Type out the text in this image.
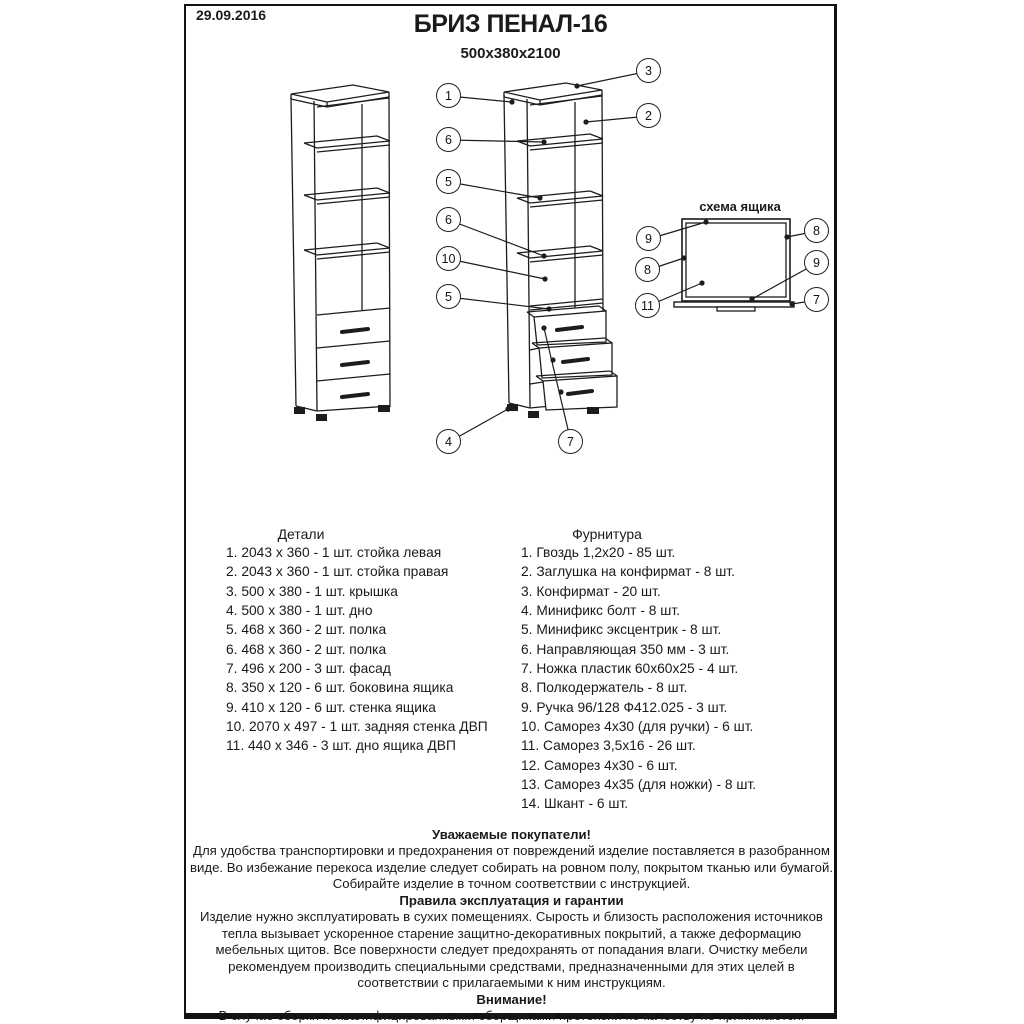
29.09.2016	БРИЗ ПЕНАЛ-16
500х380х2100
схема ящика
1
3
2
6
5
6
10
5
4	7
9
8
8	9
11	7
Детали
1. 2043 х 360 - 1 шт. стойка левая
2. 2043 х 360 - 1 шт. стойка правая
3. 500 х 380 - 1 шт. крышка
4. 500 х 380 - 1 шт. дно
5. 468 х 360 - 2 шт. полка
6. 468 х 360 - 2 шт. полка
7. 496 х 200 - 3 шт. фасад
8. 350 х 120 - 6 шт. боковина ящика
9. 410 х 120 - 6 шт. стенка ящика
10. 2070 х 497 - 1 шт. задняя стенка ДВП
11. 440 х 346 - 3 шт. дно ящика ДВП
Фурнитура
1. Гвоздь 1,2х20 - 85 шт.
2. Заглушка на конфирмат - 8 шт.
3. Конфирмат - 20 шт.
4. Минификс болт - 8 шт.
5. Минификс эксцентрик - 8 шт.
6. Направляющая 350 мм - 3 шт.
7. Ножка пластик 60х60х25 - 4 шт.
8. Полкодержатель - 8 шт.
9. Ручка 96/128 Ф412.025 - 3 шт.
10. Саморез 4х30 (для ручки) - 6 шт.
11. Саморез 3,5х16 - 26 шт.
12. Саморез 4х30 - 6 шт.
13. Саморез 4х35 (для ножки) - 8 шт.
14. Шкант - 6 шт.
Уважаемые покупатели!
Для удобства транспортировки и предохранения от повреждений изделие поставляется в разобранном виде. Во избежание перекоса изделие следует собирать на ровном полу, покрытом тканью или бумагой. Собирайте изделие в точном соответствии с инструкцией.
Правила эксплуатация и гарантии
Изделие нужно эксплуатировать в сухих помещениях. Сырость и близость расположения источников тепла вызывает ускоренное старение защитно-декоративных покрытий, а также деформацию мебельных щитов. Все поверхности следует предохранять от попадания влаги. Очистку мебели рекомендуем производить специальными средствами, предназначенными для этих целей в соответствии с прилагаемыми к ним инструкциям.
Внимание!
В случае сборки неквалифицированными сборщиками претензии по качеству не принимаются.
